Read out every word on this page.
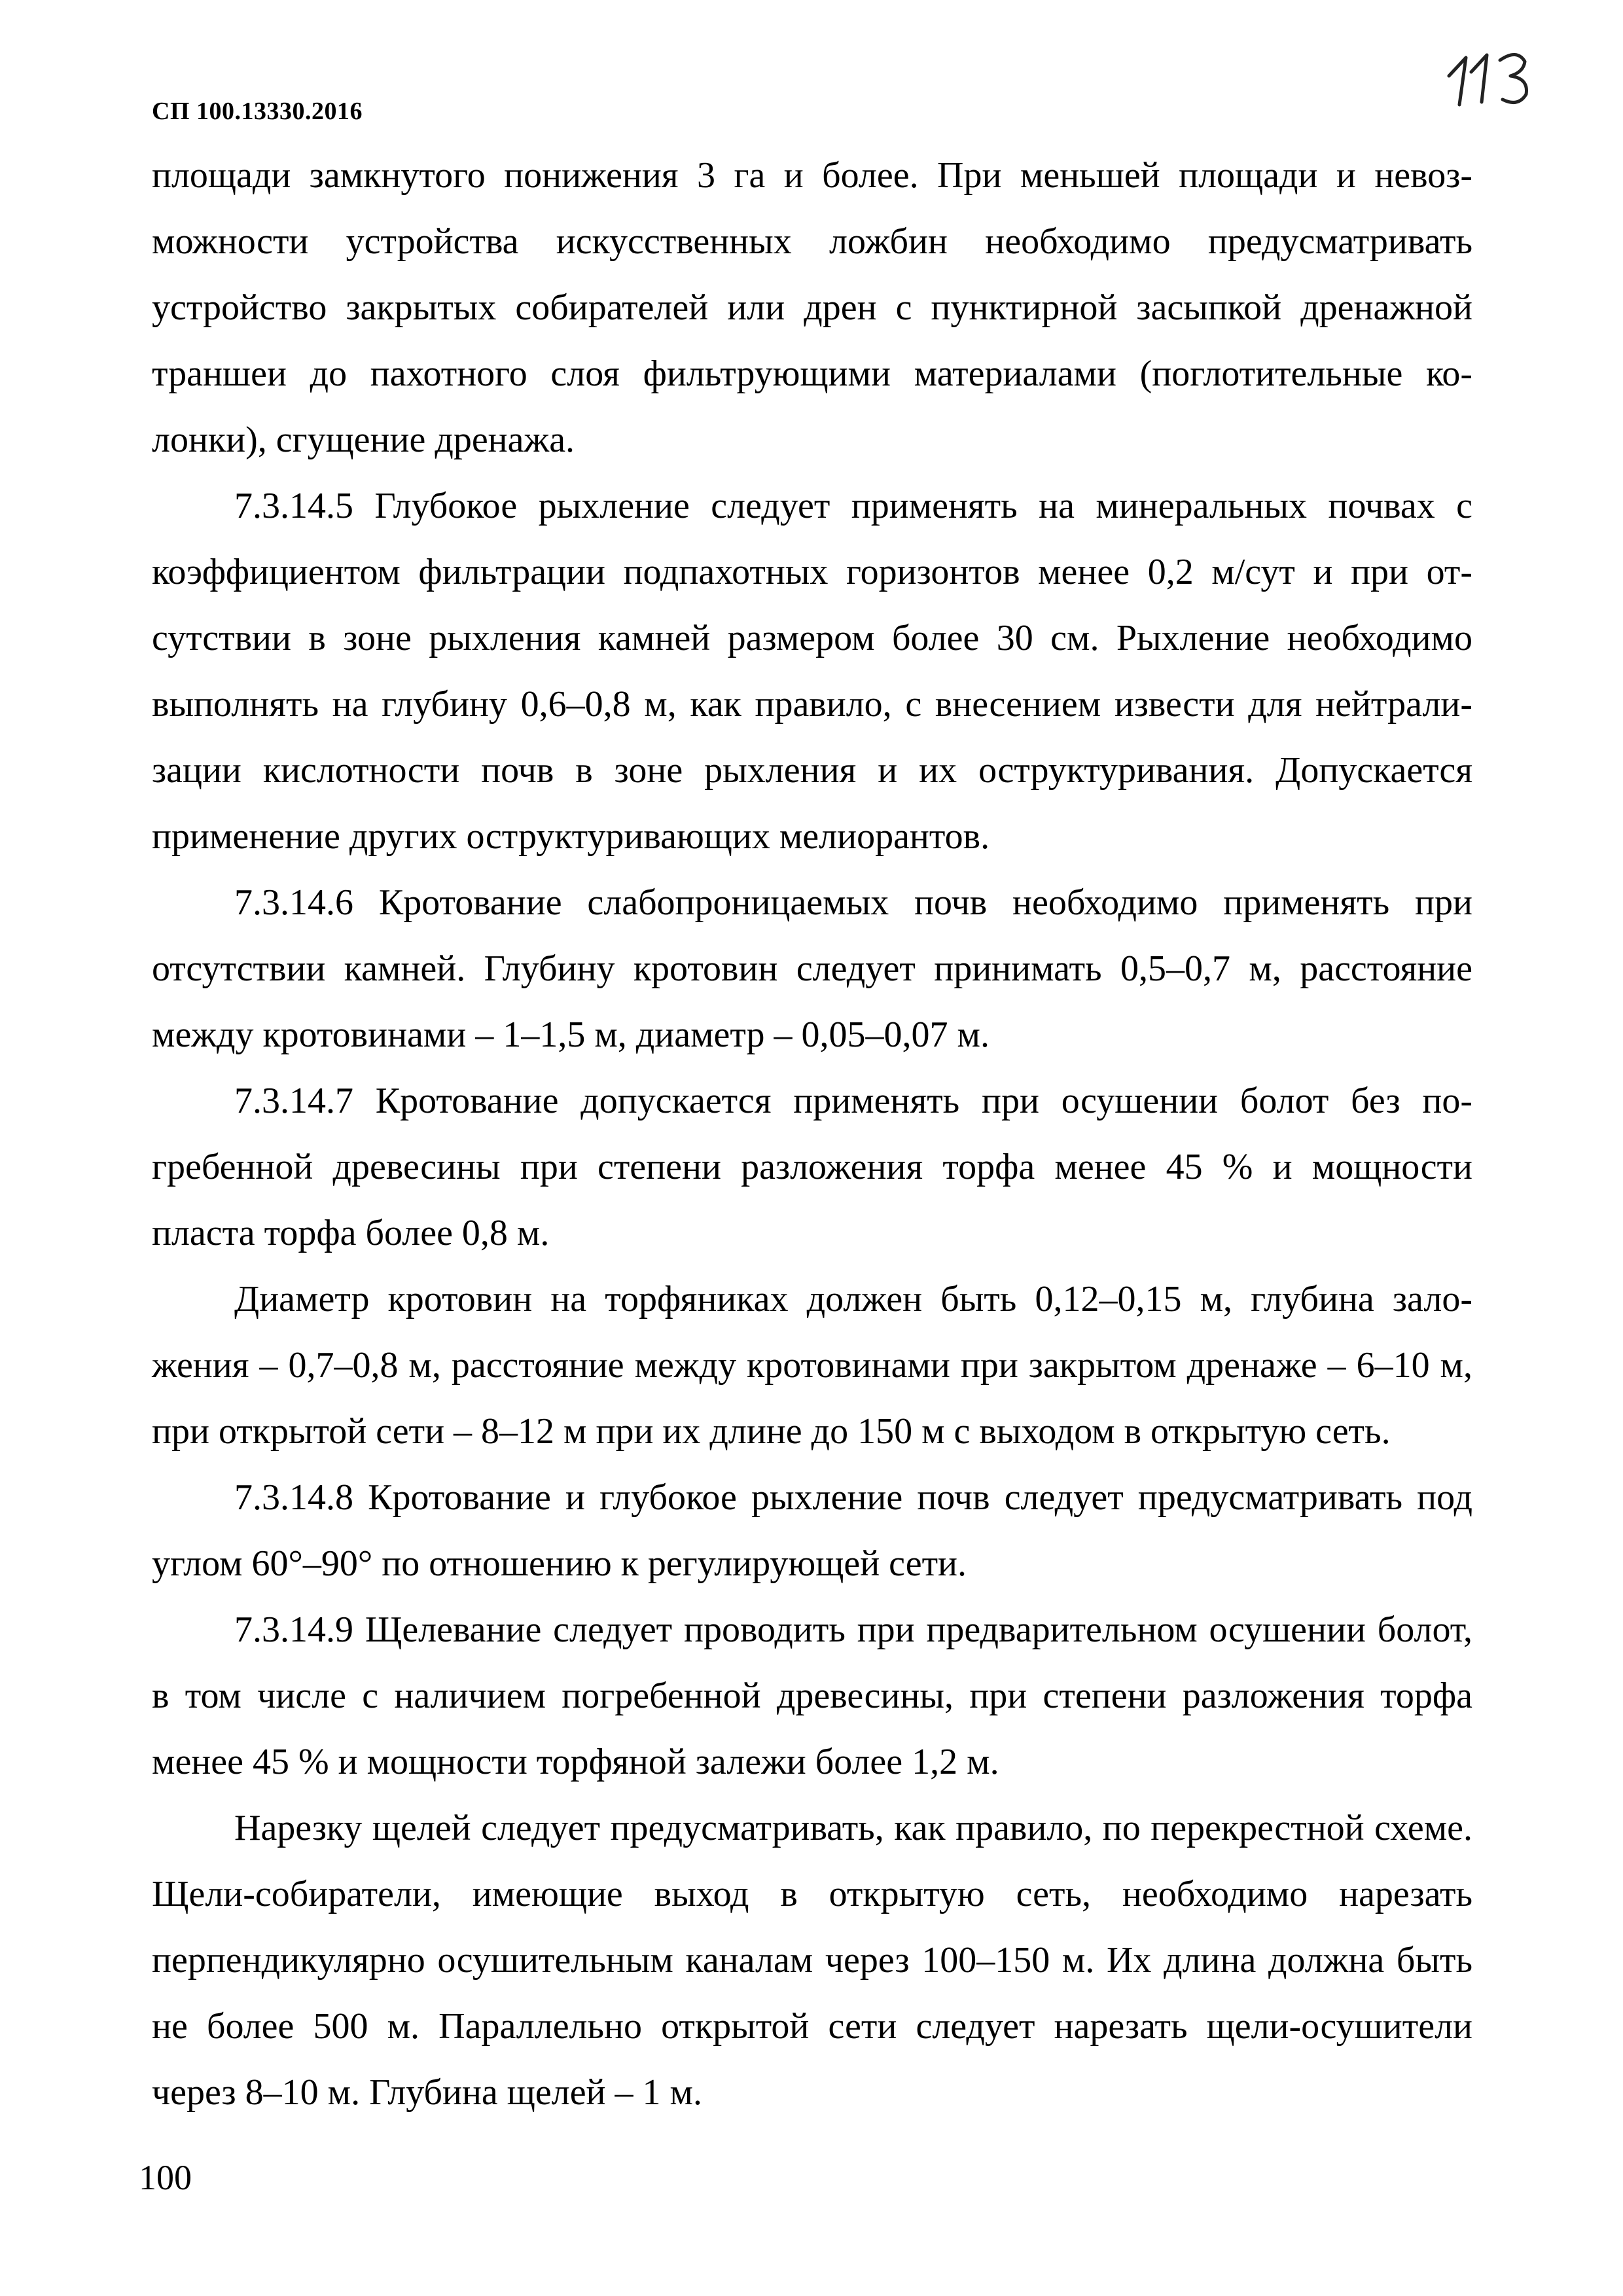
СП 100.13330.2016

площади замкнутого понижения 3 га и более. При меньшей площади и невозможности устройства искусственных ложбин необходимо предусматривать устройство закрытых собирателей или дрен с пунктирной засыпкой дренажной траншеи до пахотного слоя фильтрующими материалами (поглотительные колонки), сгущение дренажа.

7.3.14.5 Глубокое рыхление следует применять на минеральных почвах с коэффициентом фильтрации подпахотных горизонтов менее 0,2 м/сут и при отсутствии в зоне рыхления камней размером более 30 см. Рыхление необходимо выполнять на глубину 0,6–0,8 м, как правило, с внесением извести для нейтрализации кислотности почв в зоне рыхления и их оструктуривания. Допускается применение других оструктуривающих мелиорантов.

7.3.14.6 Кротование слабопроницаемых почв необходимо применять при отсутствии камней. Глубину кротовин следует принимать 0,5–0,7 м, расстояние между кротовинами – 1–1,5 м, диаметр – 0,05–0,07 м.

7.3.14.7 Кротование допускается применять при осушении болот без погребенной древесины при степени разложения торфа менее 45 % и мощности пласта торфа более 0,8 м.

Диаметр кротовин на торфяниках должен быть 0,12–0,15 м, глубина заложения – 0,7–0,8 м, расстояние между кротовинами при закрытом дренаже – 6–10 м, при открытой сети – 8–12 м при их длине до 150 м с выходом в открытую сеть.

7.3.14.8 Кротование и глубокое рыхление почв следует предусматривать под углом 60°–90° по отношению к регулирующей сети.

7.3.14.9 Щелевание следует проводить при предварительном осушении болот, в том числе с наличием погребенной древесины, при степени разложения торфа менее 45 % и мощности торфяной залежи более 1,2 м.

Нарезку щелей следует предусматривать, как правило, по перекрестной схеме. Щели-собиратели, имеющие выход в открытую сеть, необходимо нарезать перпендикулярно осушительным каналам через 100–150 м. Их длина должна быть не более 500 м. Параллельно открытой сети следует нарезать щели-осушители через 8–10 м. Глубина щелей – 1 м.

100
